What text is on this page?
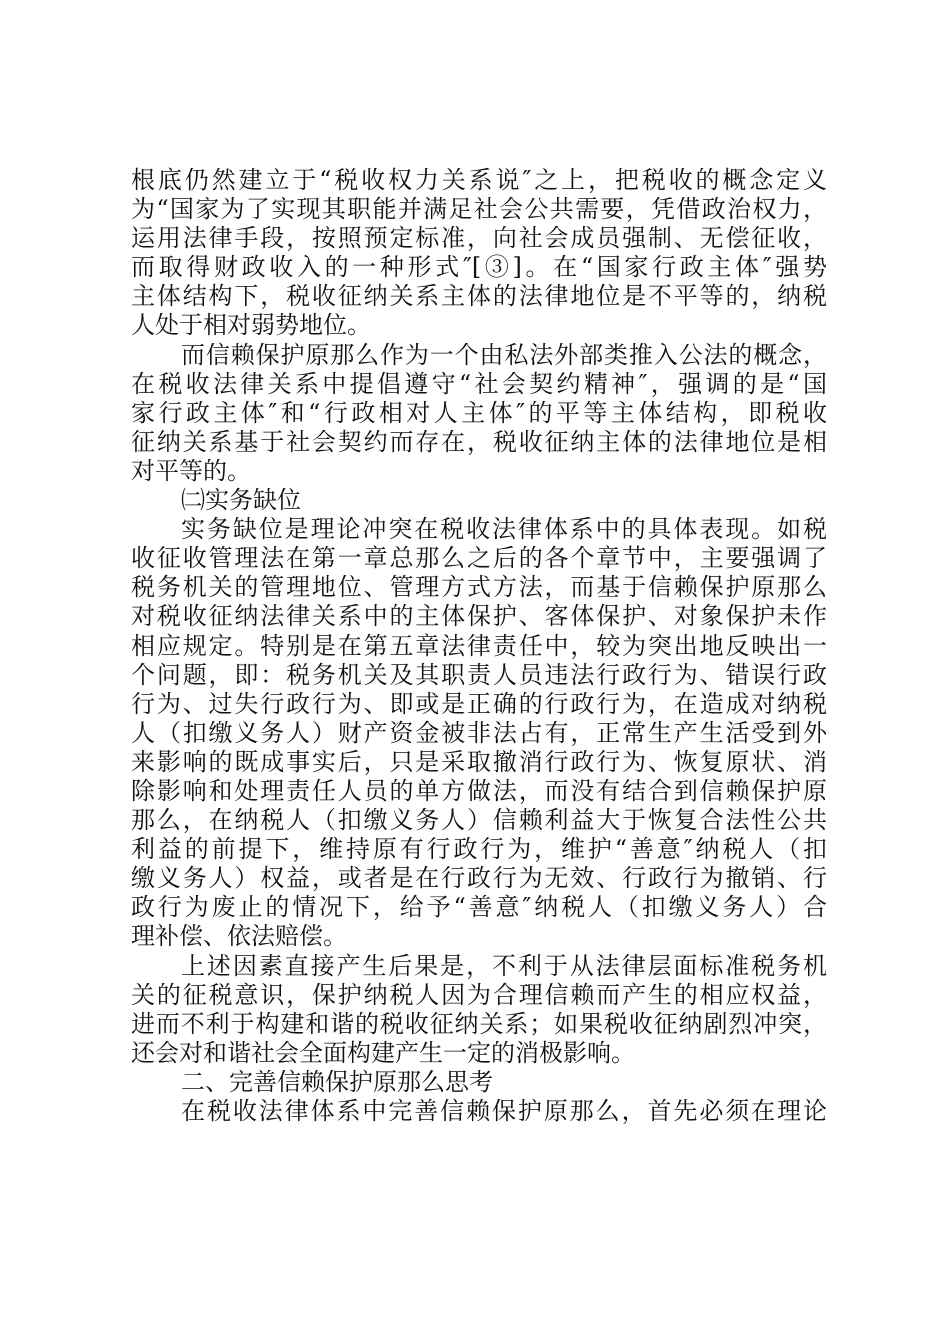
根底仍然建立于“税收权力关系说″之上，把税收的概念定义
为“国家为了实现其职能并满足社会公共需要，凭借政治权力，
运用法律手段，按照预定标准，向社会成员强制、无偿征收，
而取得财政收入的一种形式″[③]。在“国家行政主体″强势
主体结构下，税收征纳关系主体的法律地位是不平等的，纳税
人处于相对弱势地位。
而信赖保护原那么作为一个由私法外部类推入公法的概念，
在税收法律关系中提倡遵守“社会契约精神″，强调的是“国
家行政主体″和“行政相对人主体″的平等主体结构，即税收
征纳关系基于社会契约而存在，税收征纳主体的法律地位是相
对平等的。
㈡实务缺位
实务缺位是理论冲突在税收法律体系中的具体表现。如税
收征收管理法在第一章总那么之后的各个章节中，主要强调了
税务机关的管理地位、管理方式方法，而基于信赖保护原那么
对税收征纳法律关系中的主体保护、客体保护、对象保护未作
相应规定。特别是在第五章法律责任中，较为突出地反映出一
个问题，即：税务机关及其职责人员违法行政行为、错误行政
行为、过失行政行为、即或是正确的行政行为，在造成对纳税
人（扣缴义务人）财产资金被非法占有，正常生产生活受到外
来影响的既成事实后，只是采取撤消行政行为、恢复原状、消
除影响和处理责任人员的单方做法，而没有结合到信赖保护原
那么，在纳税人（扣缴义务人）信赖利益大于恢复合法性公共
利益的前提下，维持原有行政行为，维护“善意″纳税人（扣
缴义务人）权益，或者是在行政行为无效、行政行为撤销、行
政行为废止的情况下，给予“善意″纳税人（扣缴义务人）合
理补偿、依法赔偿。
上述因素直接产生后果是，不利于从法律层面标准税务机
关的征税意识，保护纳税人因为合理信赖而产生的相应权益，
进而不利于构建和谐的税收征纳关系；如果税收征纳剧烈冲突，
还会对和谐社会全面构建产生一定的消极影响。
二、完善信赖保护原那么思考
在税收法律体系中完善信赖保护原那么，首先必须在理论
